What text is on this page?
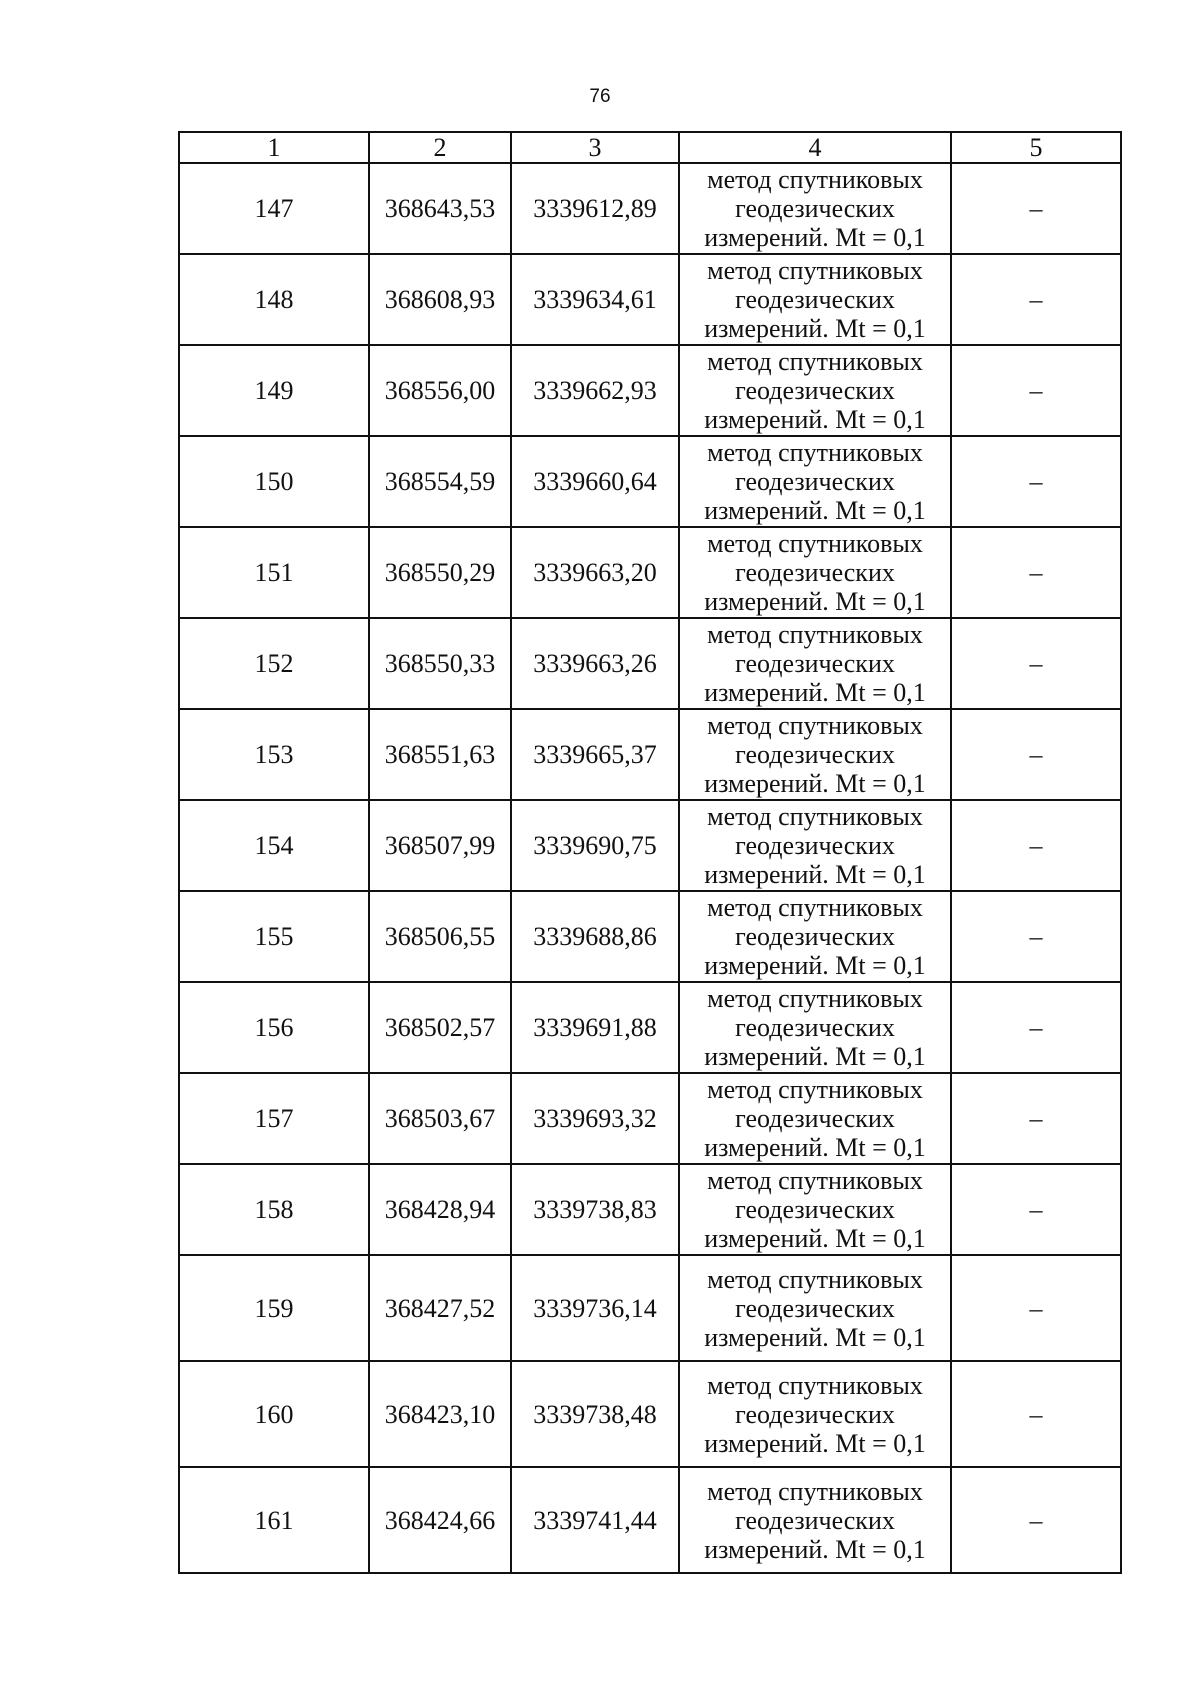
76
1	2	3	4	5
147	368643,53	3339612,89	метод спутниковых
геодезических
измерений. Mt = 0,1	–
148	368608,93	3339634,61	метод спутниковых
геодезических
измерений. Mt = 0,1	–
149	368556,00	3339662,93	метод спутниковых
геодезических
измерений. Mt = 0,1	–
150	368554,59	3339660,64	метод спутниковых
геодезических
измерений. Mt = 0,1	–
151	368550,29	3339663,20	метод спутниковых
геодезических
измерений. Mt = 0,1	–
152	368550,33	3339663,26	метод спутниковых
геодезических
измерений. Mt = 0,1	–
153	368551,63	3339665,37	метод спутниковых
геодезических
измерений. Mt = 0,1	–
154	368507,99	3339690,75	метод спутниковых
геодезических
измерений. Mt = 0,1	–
155	368506,55	3339688,86	метод спутниковых
геодезических
измерений. Mt = 0,1	–
156	368502,57	3339691,88	метод спутниковых
геодезических
измерений. Mt = 0,1	–
157	368503,67	3339693,32	метод спутниковых
геодезических
измерений. Mt = 0,1	–
158	368428,94	3339738,83	метод спутниковых
геодезических
измерений. Mt = 0,1	–
159	368427,52	3339736,14	метод спутниковых
геодезических
измерений. Mt = 0,1	–
160	368423,10	3339738,48	метод спутниковых
геодезических
измерений. Mt = 0,1	–
161	368424,66	3339741,44	метод спутниковых
геодезических
измерений. Mt = 0,1	–
